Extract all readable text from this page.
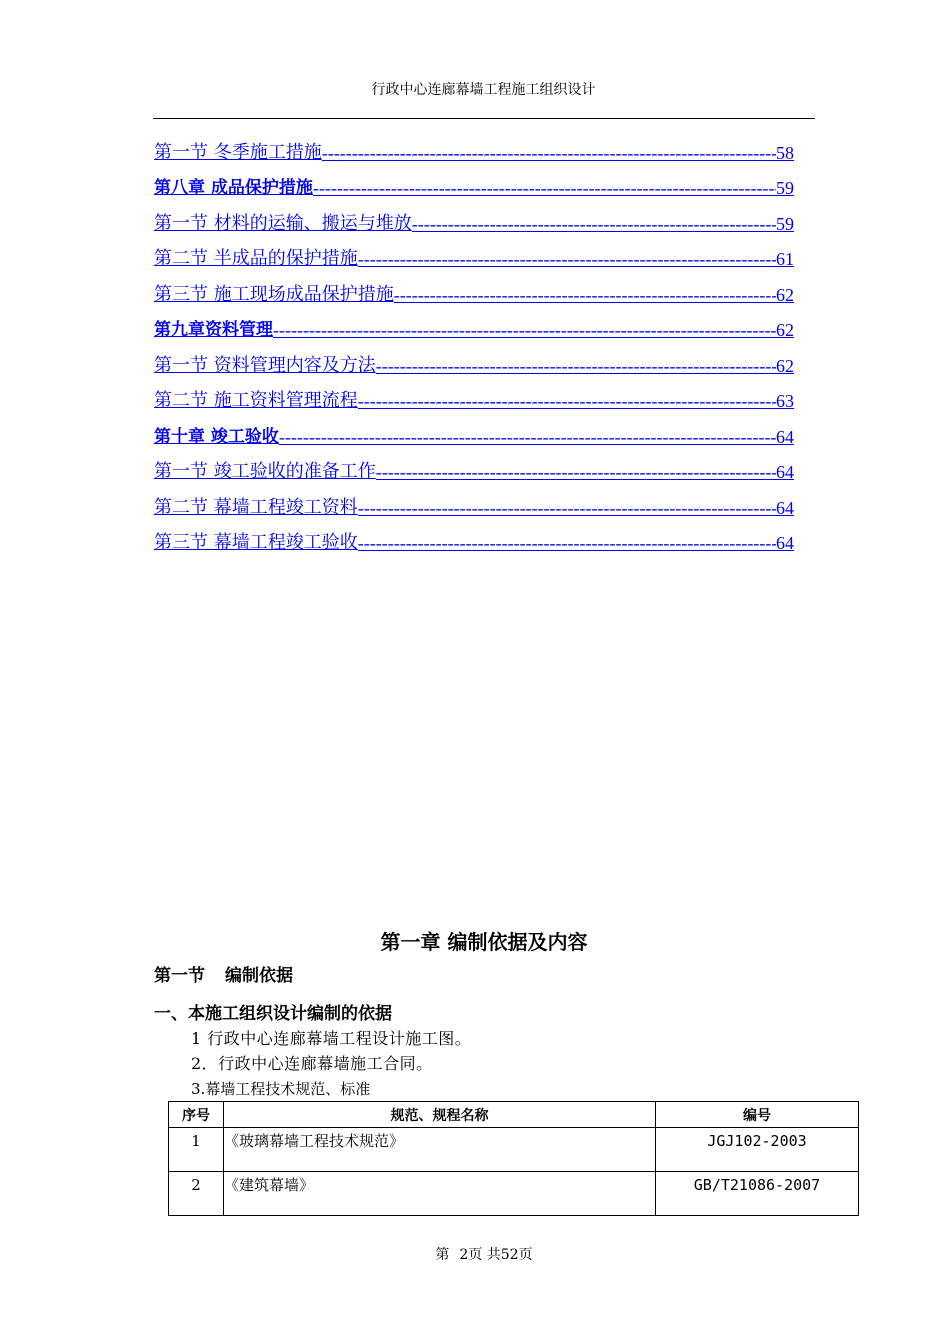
行政中心连廊幕墙工程施工组织设计
第一节 冬季施工措施 -----	58
第八章 成品保护措施 -----	59
第一节 材料的运输、搬运与堆放 -----	59
第二节 半成品的保护措施 -----	61
第三节 施工现场成品保护措施 -----	62
第九章资料管理 -----	62
第一节 资料管理内容及方法 -----	62
第二节 施工资料管理流程 -----	63
第十章 竣工验收 -----	64
第一节 竣工验收的准备工作 -----	64
第二节 幕墙工程竣工资料 -----	64
第三节 幕墙工程竣工验收 -----	64
第一章 编制依据及内容
第一节 编制依据
一、本施工组织设计编制的依据
1 行政中心连廊幕墙工程设计施工图。
2．行政中心连廊幕墙施工合同。
3.幕墙工程技术规范、标准
序号	规范、规程名称	编号
1	《玻璃幕墙工程技术规范》	JGJ102-2003
2	《建筑幕墙》	GB/T21086-2007
第 2页 共52页
